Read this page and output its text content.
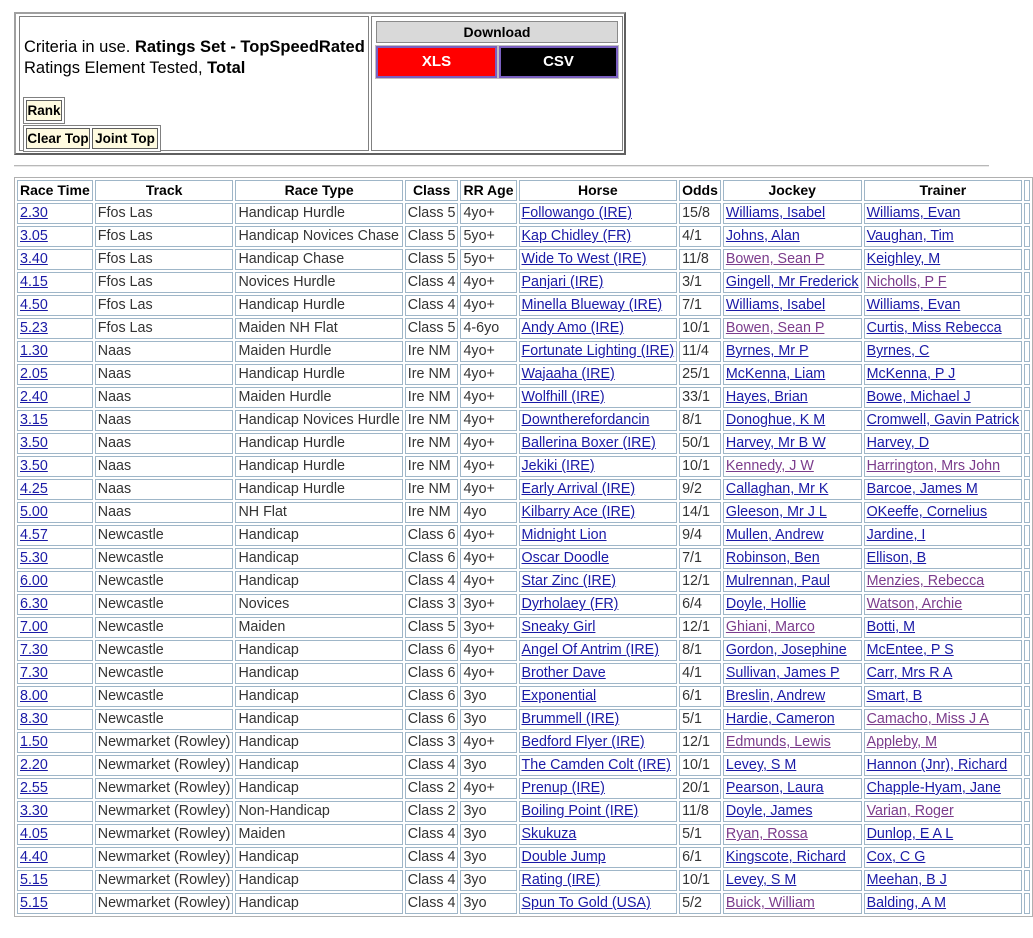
Criteria in use. Ratings Set - TopSpeedRated
Ratings Element Tested, Total
Rank
Clear Top Joint Top
Download
XLS	CSV
Race Time	Track	Race Type	Class	RR Age	Horse	Odds	Jockey	Trainer	
2.30	Ffos Las	Handicap Hurdle	Class 5	4yo+	Followango (IRE)	15/8	Williams, Isabel	Williams, Evan	
3.05	Ffos Las	Handicap Novices Chase	Class 5	5yo+	Kap Chidley (FR)	4/1	Johns, Alan	Vaughan, Tim	
3.40	Ffos Las	Handicap Chase	Class 5	5yo+	Wide To West (IRE)	11/8	Bowen, Sean P	Keighley, M	
4.15	Ffos Las	Novices Hurdle	Class 4	4yo+	Panjari (IRE)	3/1	Gingell, Mr Frederick	Nicholls, P F	
4.50	Ffos Las	Handicap Hurdle	Class 4	4yo+	Minella Blueway (IRE)	7/1	Williams, Isabel	Williams, Evan	
5.23	Ffos Las	Maiden NH Flat	Class 5	4-6yo	Andy Amo (IRE)	10/1	Bowen, Sean P	Curtis, Miss Rebecca	
1.30	Naas	Maiden Hurdle	Ire NM	4yo+	Fortunate Lighting (IRE)	11/4	Byrnes, Mr P	Byrnes, C	
2.05	Naas	Handicap Hurdle	Ire NM	4yo+	Wajaaha (IRE)	25/1	McKenna, Liam	McKenna, P J	
2.40	Naas	Maiden Hurdle	Ire NM	4yo+	Wolfhill (IRE)	33/1	Hayes, Brian	Bowe, Michael J	
3.15	Naas	Handicap Novices Hurdle	Ire NM	4yo+	Downtherefordancin	8/1	Donoghue, K M	Cromwell, Gavin Patrick	
3.50	Naas	Handicap Hurdle	Ire NM	4yo+	Ballerina Boxer (IRE)	50/1	Harvey, Mr B W	Harvey, D	
3.50	Naas	Handicap Hurdle	Ire NM	4yo+	Jekiki (IRE)	10/1	Kennedy, J W	Harrington, Mrs John	
4.25	Naas	Handicap Hurdle	Ire NM	4yo+	Early Arrival (IRE)	9/2	Callaghan, Mr K	Barcoe, James M	
5.00	Naas	NH Flat	Ire NM	4yo	Kilbarry Ace (IRE)	14/1	Gleeson, Mr J L	OKeeffe, Cornelius	
4.57	Newcastle	Handicap	Class 6	4yo+	Midnight Lion	9/4	Mullen, Andrew	Jardine, I	
5.30	Newcastle	Handicap	Class 6	4yo+	Oscar Doodle	7/1	Robinson, Ben	Ellison, B	
6.00	Newcastle	Handicap	Class 4	4yo+	Star Zinc (IRE)	12/1	Mulrennan, Paul	Menzies, Rebecca	
6.30	Newcastle	Novices	Class 3	3yo+	Dyrholaey (FR)	6/4	Doyle, Hollie	Watson, Archie	
7.00	Newcastle	Maiden	Class 5	3yo+	Sneaky Girl	12/1	Ghiani, Marco	Botti, M	
7.30	Newcastle	Handicap	Class 6	4yo+	Angel Of Antrim (IRE)	8/1	Gordon, Josephine	McEntee, P S	
7.30	Newcastle	Handicap	Class 6	4yo+	Brother Dave	4/1	Sullivan, James P	Carr, Mrs R A	
8.00	Newcastle	Handicap	Class 6	3yo	Exponential	6/1	Breslin, Andrew	Smart, B	
8.30	Newcastle	Handicap	Class 6	3yo	Brummell (IRE)	5/1	Hardie, Cameron	Camacho, Miss J A	
1.50	Newmarket (Rowley)	Handicap	Class 3	4yo+	Bedford Flyer (IRE)	12/1	Edmunds, Lewis	Appleby, M	
2.20	Newmarket (Rowley)	Handicap	Class 4	3yo	The Camden Colt (IRE)	10/1	Levey, S M	Hannon (Jnr), Richard	
2.55	Newmarket (Rowley)	Handicap	Class 2	4yo+	Prenup (IRE)	20/1	Pearson, Laura	Chapple-Hyam, Jane	
3.30	Newmarket (Rowley)	Non-Handicap	Class 2	3yo	Boiling Point (IRE)	11/8	Doyle, James	Varian, Roger	
4.05	Newmarket (Rowley)	Maiden	Class 4	3yo	Skukuza	5/1	Ryan, Rossa	Dunlop, E A L	
4.40	Newmarket (Rowley)	Handicap	Class 4	3yo	Double Jump	6/1	Kingscote, Richard	Cox, C G	
5.15	Newmarket (Rowley)	Handicap	Class 4	3yo	Rating (IRE)	10/1	Levey, S M	Meehan, B J	
5.15	Newmarket (Rowley)	Handicap	Class 4	3yo	Spun To Gold (USA)	5/2	Buick, William	Balding, A M	
